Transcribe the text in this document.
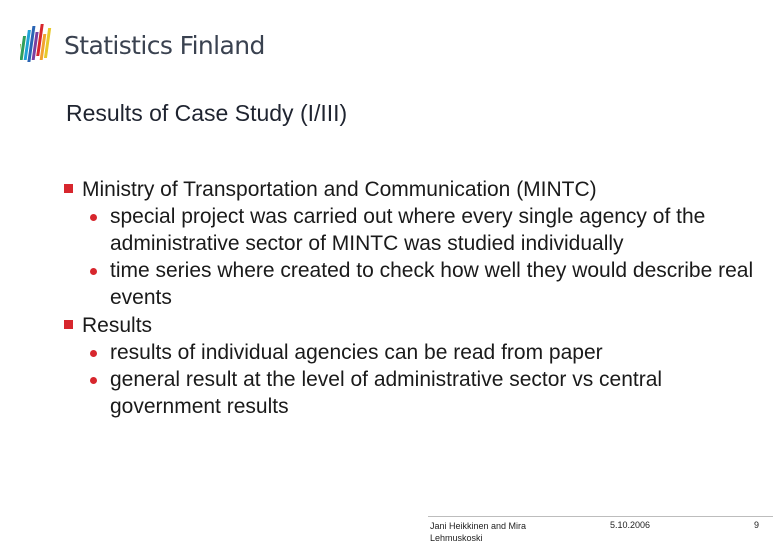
Statistics Finland
Results of Case Study (I/III)
Ministry of Transportation and Communication (MINTC)
special project was carried out where every single agency of the administrative sector of MINTC was studied individually
time series where created to check how well they would describe real events
Results
results of individual agencies can be read from paper
general result at the level of administrative sector vs central government results
Jani Heikkinen and Mira Lehmuskoski
5.10.2006	9
